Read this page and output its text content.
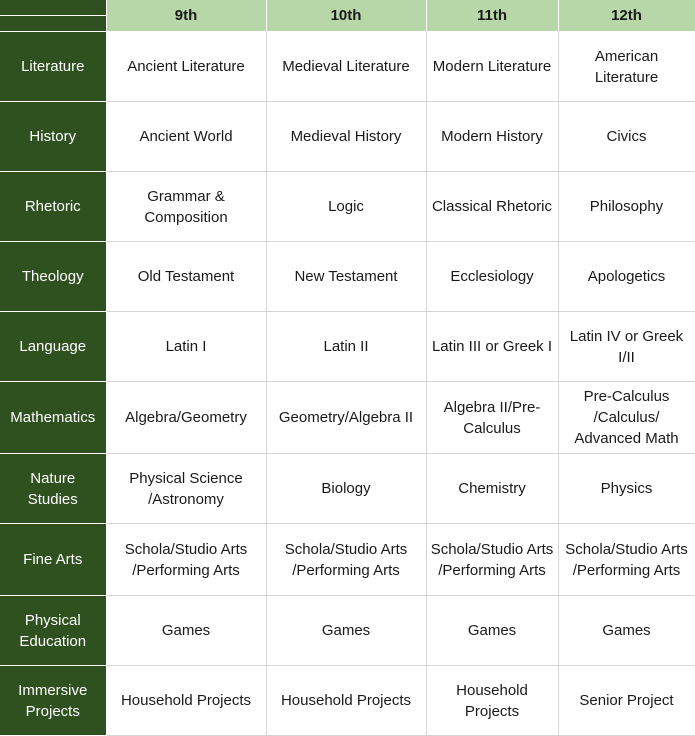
	9th	10th	11th	12th
Literature	Ancient Literature	Medieval Literature	Modern Literature	American Literature
History	Ancient World	Medieval History	Modern History	Civics
Rhetoric	Grammar & Composition	Logic	Classical Rhetoric	Philosophy
Theology	Old Testament	New Testament	Ecclesiology	Apologetics
Language	Latin I	Latin II	Latin III or Greek I	Latin IV or Greek I/II
Mathematics	Algebra/Geometry	Geometry/Algebra II	Algebra II/Pre-Calculus	Pre-Calculus /Calculus/ Advanced Math
Nature Studies	Physical Science /Astronomy	Biology	Chemistry	Physics
Fine Arts	Schola/Studio Arts /Performing Arts	Schola/Studio Arts /Performing Arts	Schola/Studio Arts /Performing Arts	Schola/Studio Arts /Performing Arts
Physical Education	Games	Games	Games	Games
Immersive Projects	Household Projects	Household Projects	Household Projects	Senior Project
